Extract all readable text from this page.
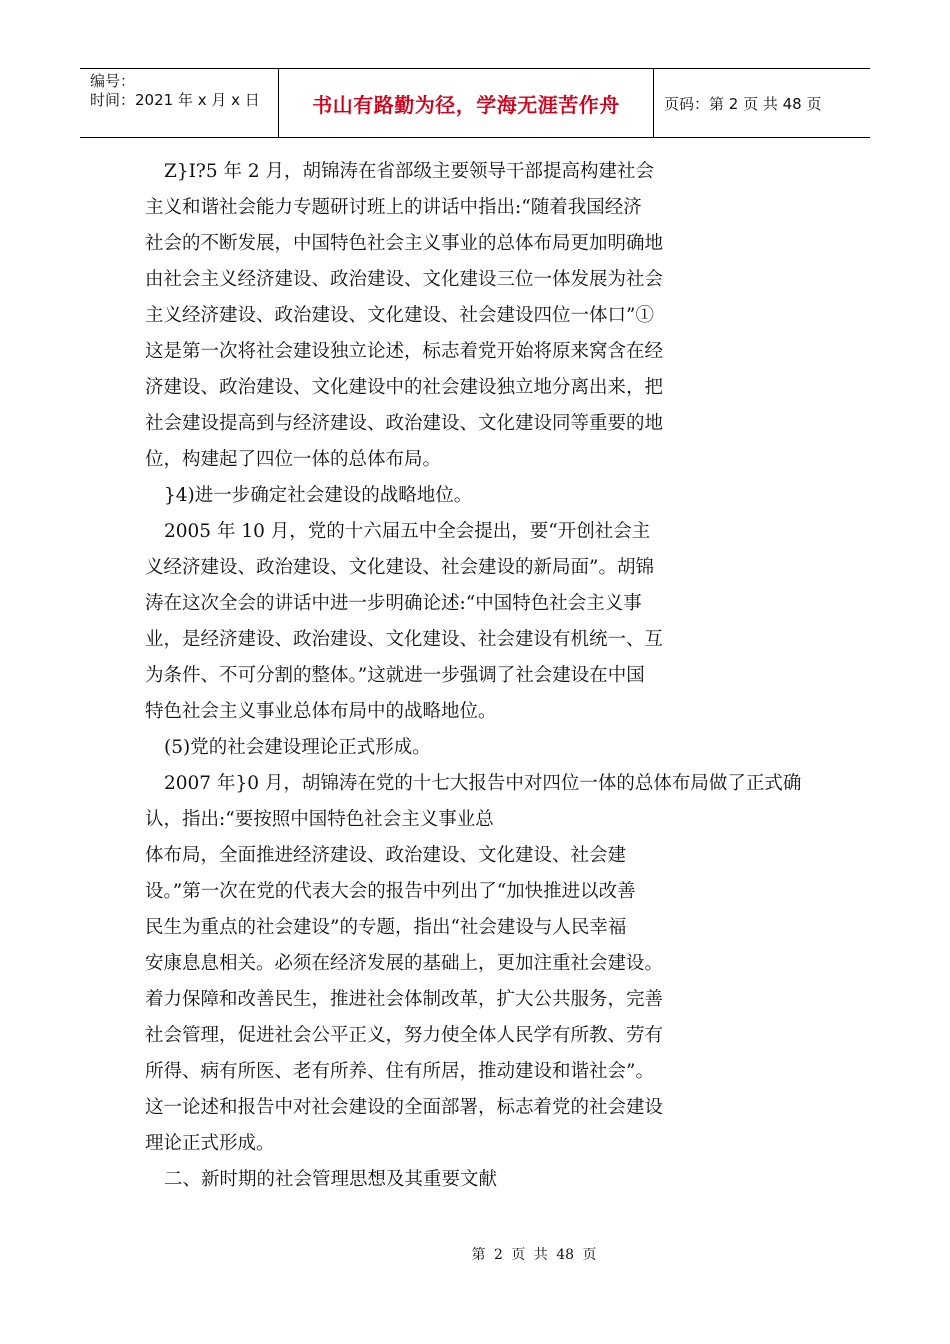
编号：
时间：2021 年 x 月 x 日	书山有路勤为径，学海无涯苦作舟	页码：第 2 页 共 48 页
Z}I?5 年 2 月，胡锦涛在省部级主要领导干部提高构建社会
主义和谐社会能力专题研讨班上的讲话中指出:“随着我国经济
社会的不断发展，中国特色社会主义事业的总体布局更加明确地
由社会主义经济建设、政治建设、文化建设三位一体发展为社会
主义经济建设、政治建设、文化建设、社会建设四位一体口”①
这是第一次将社会建设独立论述，标志着党开始将原来窝含在经
济建设、政治建设、文化建设中的社会建设独立地分离出来，把
社会建设提高到与经济建设、政治建设、文化建设同等重要的地
位，构建起了四位一体的总体布局。
}4)进一步确定社会建设的战略地位。
2005 年 10 月，党的十六届五中全会提出，要“开创社会主
义经济建设、政治建设、文化建设、社会建设的新局面”。胡锦
涛在这次全会的讲话中进一步明确论述:“中国特色社会主义事
业，是经济建设、政治建设、文化建设、社会建设有机统一、互
为条件、不可分割的整体。”这就进一步强调了社会建设在中国
特色社会主义事业总体布局中的战略地位。
(5)党的社会建设理论正式形成。
2007 年}0 月，胡锦涛在党的十七大报告中对四位一体的总体布局做了正式确
认，指出:“要按照中国特色社会主义事业总
体布局，全面推进经济建设、政治建设、文化建设、社会建
设。”第一次在党的代表大会的报告中列出了“加快推进以改善
民生为重点的社会建设”的专题，指出“社会建设与人民幸福
安康息息相关。必须在经济发展的基础上，更加注重社会建设。
着力保障和改善民生，推进社会体制改革，扩大公共服务，完善
社会管理，促进社会公平正义，努力使全体人民学有所教、劳有
所得、病有所医、老有所养、住有所居，推动建设和谐社会”。
这一论述和报告中对社会建设的全面部署，标志着党的社会建设
理论正式形成。
二、新时期的社会管理思想及其重要文献
第 2 页 共 48 页
